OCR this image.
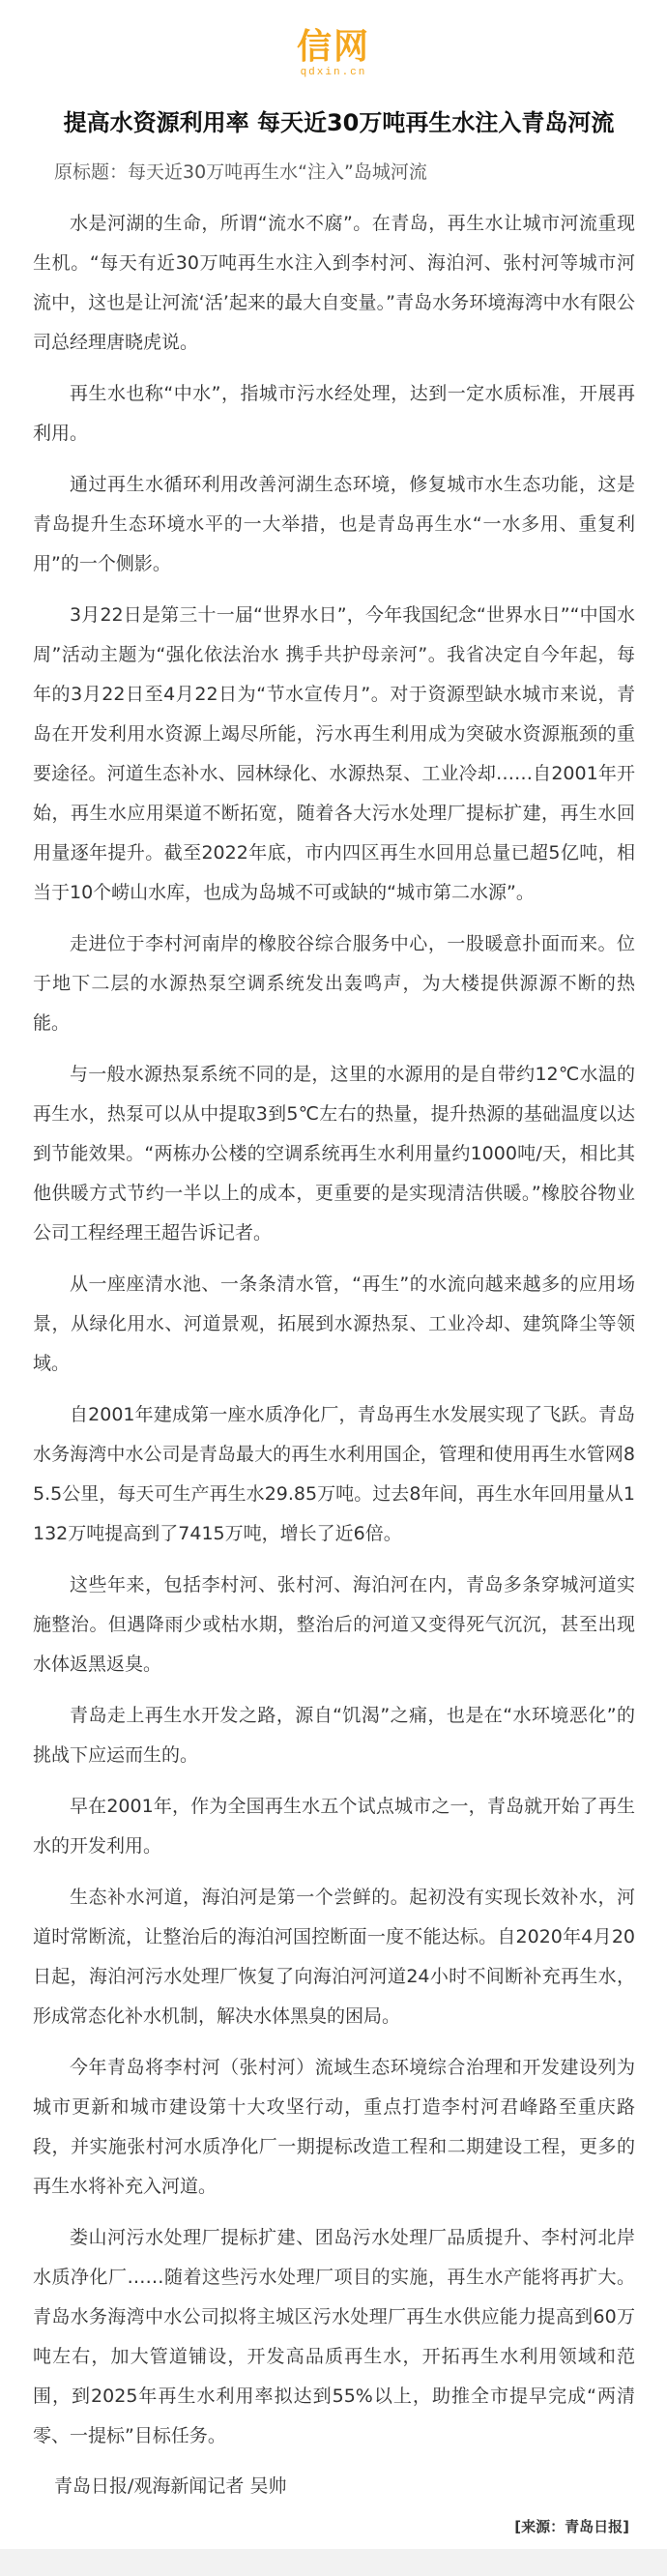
信网
qdxin.cn
提高水资源利用率 每天近30万吨再生水注入青岛河流

原标题：每天近30万吨再生水“注入”岛城河流

水是河湖的生命，所谓“流水不腐”。在青岛，再生水让城市河流重现生机。“每天有近30万吨再生水注入到李村河、海泊河、张村河等城市河流中，这也是让河流‘活’起来的最大自变量。”青岛水务环境海湾中水有限公司总经理唐晓虎说。

再生水也称“中水”，指城市污水经处理，达到一定水质标准，开展再利用。

通过再生水循环利用改善河湖生态环境，修复城市水生态功能，这是青岛提升生态环境水平的一大举措，也是青岛再生水“一水多用、重复利用”的一个侧影。

3月22日是第三十一届“世界水日”，今年我国纪念“世界水日”“中国水周”活动主题为“强化依法治水 携手共护母亲河”。我省决定自今年起，每年的3月22日至4月22日为“节水宣传月”。对于资源型缺水城市来说，青岛在开发利用水资源上竭尽所能，污水再生利用成为突破水资源瓶颈的重要途径。河道生态补水、园林绿化、水源热泵、工业冷却……自2001年开始，再生水应用渠道不断拓宽，随着各大污水处理厂提标扩建，再生水回用量逐年提升。截至2022年底，市内四区再生水回用总量已超5亿吨，相当于10个崂山水库，也成为岛城不可或缺的“城市第二水源”。

走进位于李村河南岸的橡胶谷综合服务中心，一股暖意扑面而来。位于地下二层的水源热泵空调系统发出轰鸣声，为大楼提供源源不断的热能。

与一般水源热泵系统不同的是，这里的水源用的是自带约12℃水温的再生水，热泵可以从中提取3到5℃左右的热量，提升热源的基础温度以达到节能效果。“两栋办公楼的空调系统再生水利用量约1000吨/天，相比其他供暖方式节约一半以上的成本，更重要的是实现清洁供暖。”橡胶谷物业公司工程经理王超告诉记者。

从一座座清水池、一条条清水管，“再生”的水流向越来越多的应用场景，从绿化用水、河道景观，拓展到水源热泵、工业冷却、建筑降尘等领域。

自2001年建成第一座水质净化厂，青岛再生水发展实现了飞跃。青岛水务海湾中水公司是青岛最大的再生水利用国企，管理和使用再生水管网85.5公里，每天可生产再生水29.85万吨。过去8年间，再生水年回用量从1132万吨提高到了7415万吨，增长了近6倍。

这些年来，包括李村河、张村河、海泊河在内，青岛多条穿城河道实施整治。但遇降雨少或枯水期，整治后的河道又变得死气沉沉，甚至出现水体返黑返臭。

青岛走上再生水开发之路，源自“饥渴”之痛，也是在“水环境恶化”的挑战下应运而生的。

早在2001年，作为全国再生水五个试点城市之一，青岛就开始了再生水的开发利用。

生态补水河道，海泊河是第一个尝鲜的。起初没有实现长效补水，河道时常断流，让整治后的海泊河国控断面一度不能达标。自2020年4月20日起，海泊河污水处理厂恢复了向海泊河河道24小时不间断补充再生水，形成常态化补水机制，解决水体黑臭的困局。

今年青岛将李村河（张村河）流域生态环境综合治理和开发建设列为城市更新和城市建设第十大攻坚行动，重点打造李村河君峰路至重庆路段，并实施张村河水质净化厂一期提标改造工程和二期建设工程，更多的再生水将补充入河道。

娄山河污水处理厂提标扩建、团岛污水处理厂品质提升、李村河北岸水质净化厂……随着这些污水处理厂项目的实施，再生水产能将再扩大。青岛水务海湾中水公司拟将主城区污水处理厂再生水供应能力提高到60万吨左右，加大管道铺设，开发高品质再生水，开拓再生水利用领域和范围，到2025年再生水利用率拟达到55%以上，助推全市提早完成“两清零、一提标”目标任务。

青岛日报/观海新闻记者 吴帅

[来源：青岛日报]
